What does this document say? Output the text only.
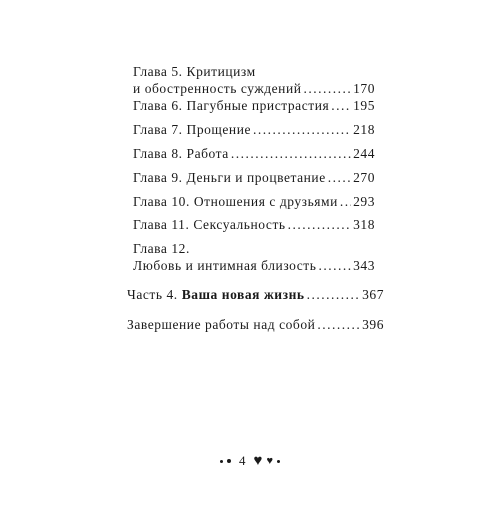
Глава 5. Критицизм
и обостренность суждений .....	170
Глава 6. Пагубные пристрастия ..... 195
Глава 7. Прощение .....	218
Глава 8. Работа .....	244
Глава 9. Деньги и процветание ..... 270
Глава 10. Отношения с друзьями ..... 293
Глава 11. Сексуальность .....	318
Глава 12.
Любовь и интимная близость .....	343
Часть 4. Ваша новая жизнь .....	367
Завершение работы над собой .....	396
4 ♥ ♥
